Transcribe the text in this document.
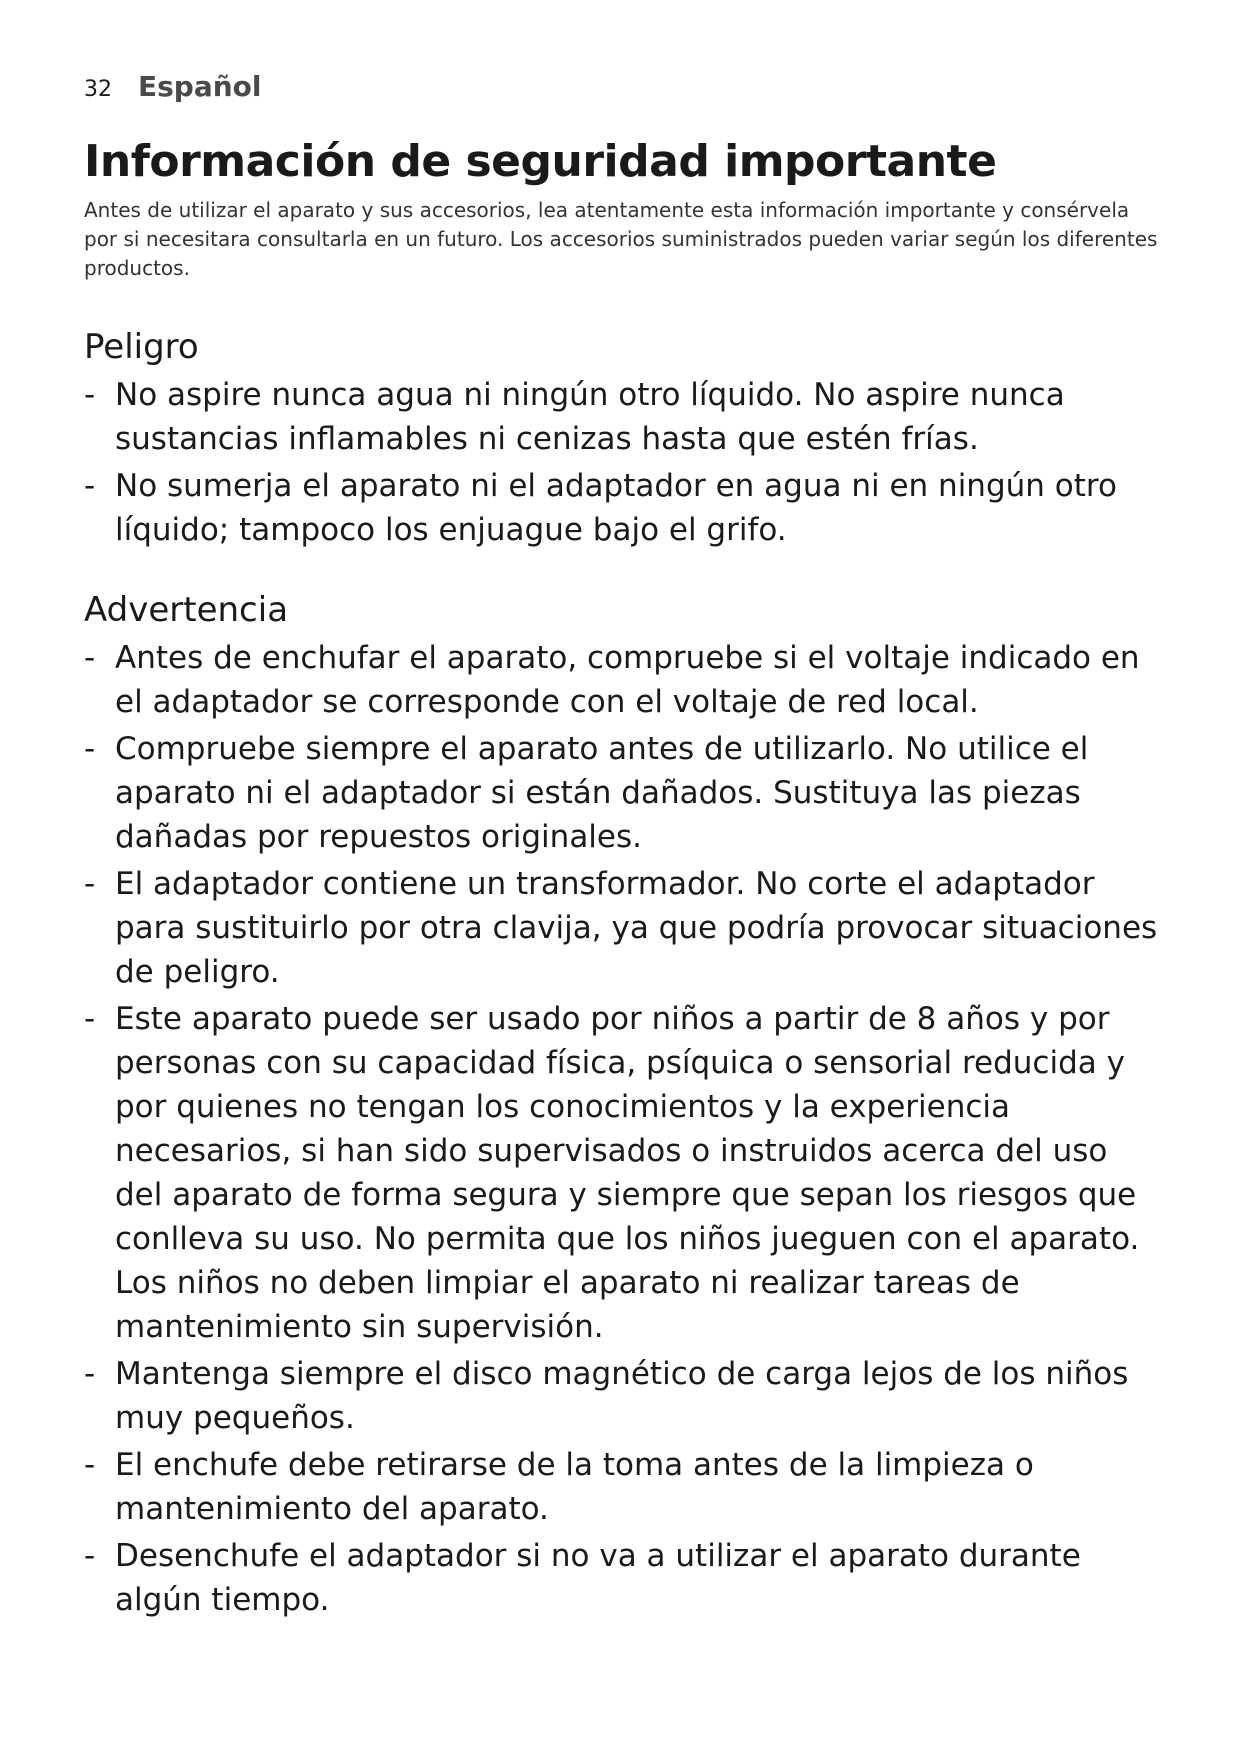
32 Español
Información de seguridad importante

Antes de utilizar el aparato y sus accesorios, lea atentamente esta información importante y consérvela por si necesitara consultarla en un futuro. Los accesorios suministrados pueden variar según los diferentes productos.

Peligro
- No aspire nunca agua ni ningún otro líquido. No aspire nunca sustancias inflamables ni cenizas hasta que estén frías.
- No sumerja el aparato ni el adaptador en agua ni en ningún otro líquido; tampoco los enjuague bajo el grifo.
Advertencia
- Antes de enchufar el aparato, compruebe si el voltaje indicado en el adaptador se corresponde con el voltaje de red local.
- Compruebe siempre el aparato antes de utilizarlo. No utilice el aparato ni el adaptador si están dañados. Sustituya las piezas dañadas por repuestos originales.
- El adaptador contiene un transformador. No corte el adaptador para sustituirlo por otra clavija, ya que podría provocar situaciones de peligro.
- Este aparato puede ser usado por niños a partir de 8 años y por personas con su capacidad física, psíquica o sensorial reducida y por quienes no tengan los conocimientos y la experiencia necesarios, si han sido supervisados o instruidos acerca del uso del aparato de forma segura y siempre que sepan los riesgos que conlleva su uso. No permita que los niños jueguen con el aparato. Los niños no deben limpiar el aparato ni realizar tareas de mantenimiento sin supervisión.
- Mantenga siempre el disco magnético de carga lejos de los niños muy pequeños.
- El enchufe debe retirarse de la toma antes de la limpieza o mantenimiento del aparato.
- Desenchufe el adaptador si no va a utilizar el aparato durante algún tiempo.
